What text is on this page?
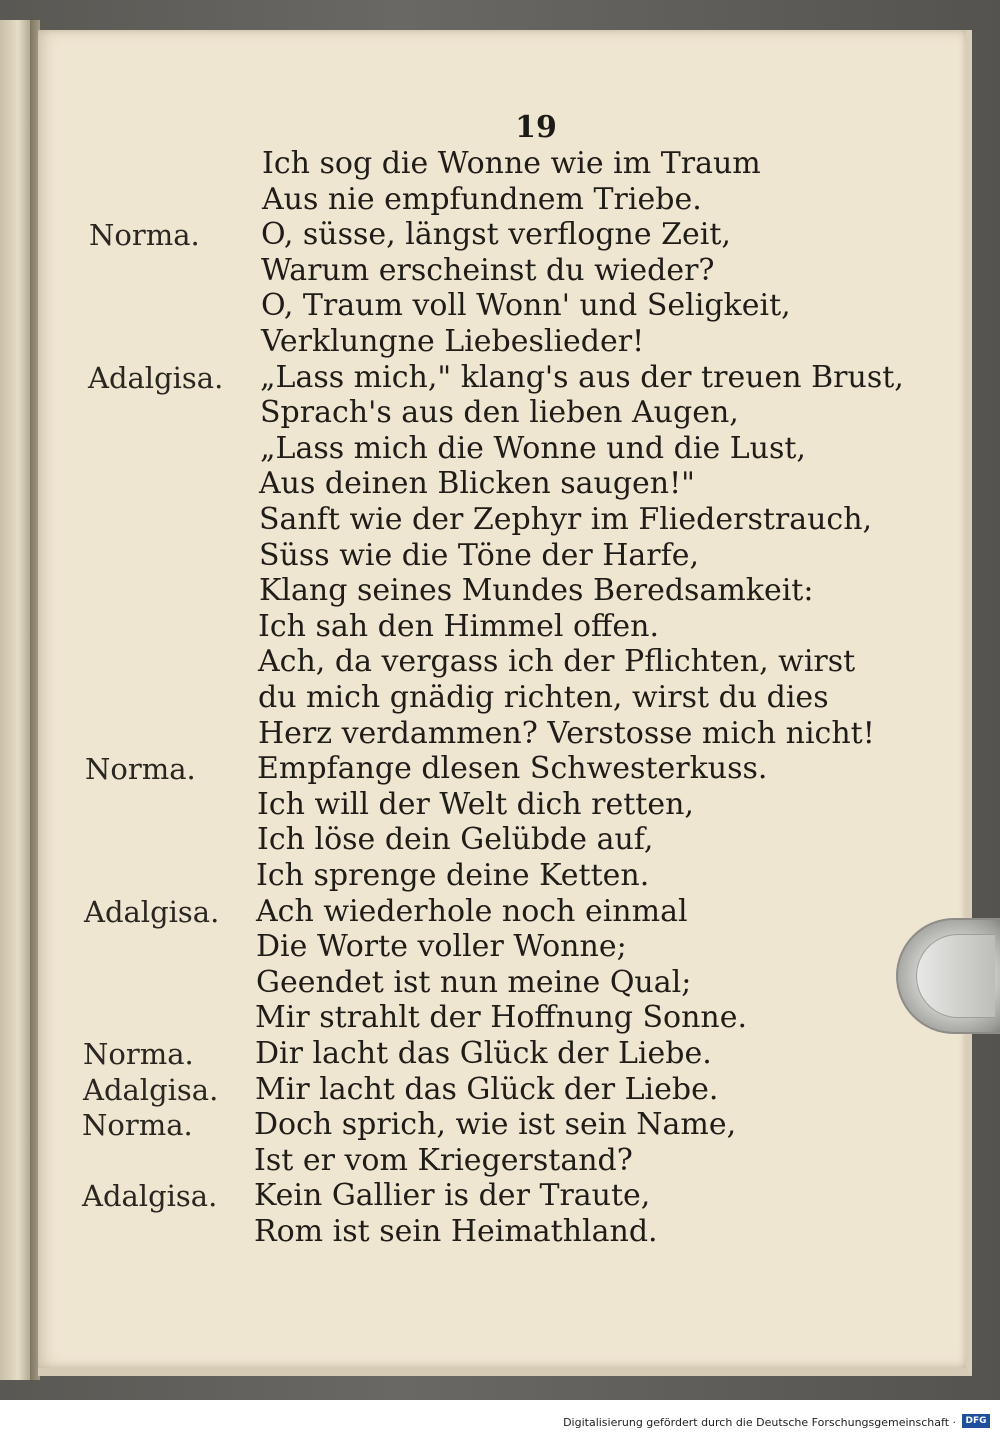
19
Ich sog die Wonne wie im Traum
Aus nie empfundnem Triebe.
Norma. O, süsse, längst verflogne Zeit,
Warum erscheinst du wieder?
O, Traum voll Wonn' und Seligkeit,
Verklungne Liebeslieder!
Adalgisa. „Lass mich," klang's aus der treuen Brust,
Sprach's aus den lieben Augen,
„Lass mich die Wonne und die Lust,
Aus deinen Blicken saugen!"
Sanft wie der Zephyr im Fliederstrauch,
Süss wie die Töne der Harfe,
Klang seines Mundes Beredsamkeit:
Ich sah den Himmel offen.
Ach, da vergass ich der Pflichten, wirst
du mich gnädig richten, wirst du dies
Herz verdammen? Verstosse mich nicht!
Norma. Empfange dlesen Schwesterkuss.
Ich will der Welt dich retten,
Ich löse dein Gelübde auf,
Ich sprenge deine Ketten.
Adalgisa. Ach wiederhole noch einmal
Die Worte voller Wonne;
Geendet ist nun meine Qual;
Mir strahlt der Hoffnung Sonne.
Norma. Dir lacht das Glück der Liebe.
Adalgisa. Mir lacht das Glück der Liebe.
Norma. Doch sprich, wie ist sein Name,
Ist er vom Kriegerstand?
Adalgisa. Kein Gallier is der Traute,
Rom ist sein Heimathland.
Digitalisierung gefördert durch die Deutsche Forschungsgemeinschaft ·	DFG
